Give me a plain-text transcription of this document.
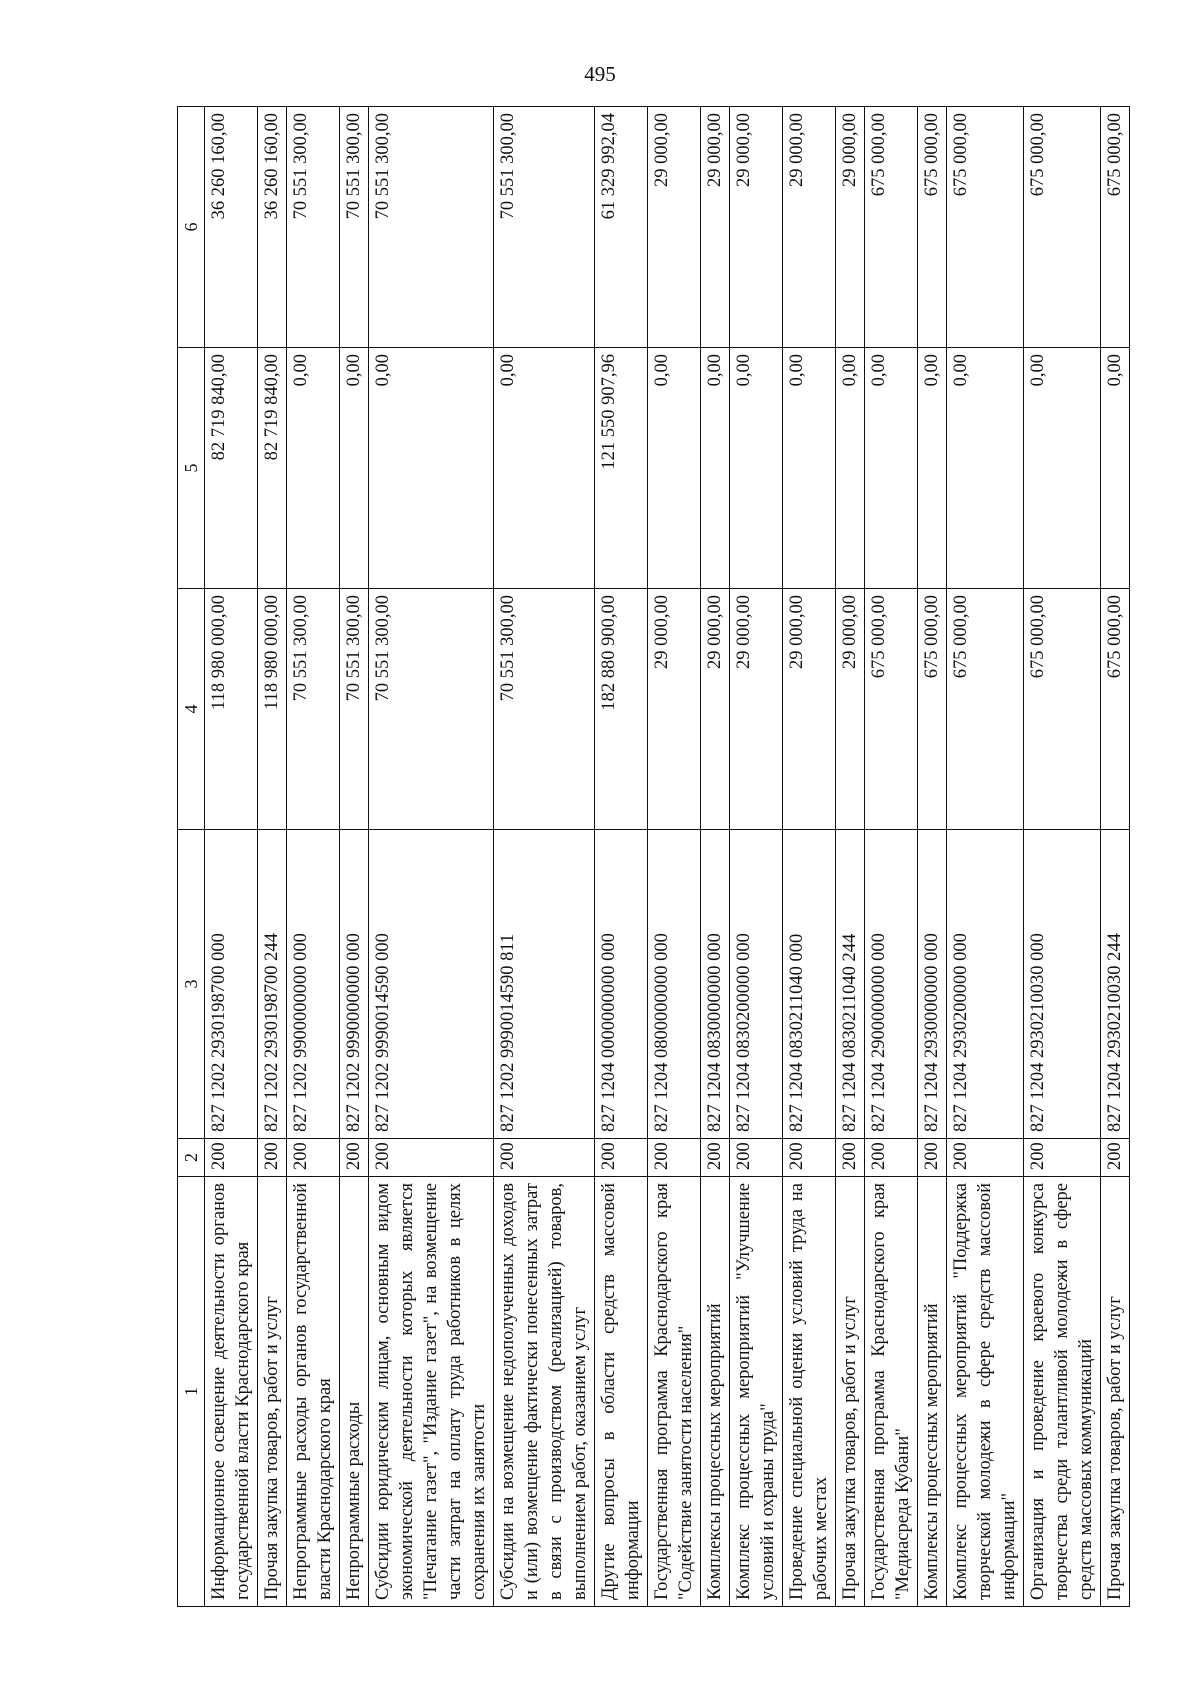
495
1	2	3	4	5	6
Информационное освещение деятельности органов государственной власти Краснодарского края	200	827 1202 2930198700 000	118 980 000,00	82 719 840,00	36 260 160,00
Прочая закупка товаров, работ и услуг	200	827 1202 2930198700 244	118 980 000,00	82 719 840,00	36 260 160,00
Непрограммные расходы органов государственной власти Краснодарского края	200	827 1202 9900000000 000	70 551 300,00	0,00	70 551 300,00
Непрограммные расходы	200	827 1202 9990000000 000	70 551 300,00	0,00	70 551 300,00
Субсидии юридическим лицам, основным видом экономической деятельности которых является "Печатание газет", "Издание газет", на возмещение части затрат на оплату труда работников в целях сохранения их занятости	200	827 1202 9990014590 000	70 551 300,00	0,00	70 551 300,00
Субсидии на возмещение недополученных доходов и (или) возмещение фактически понесенных затрат в связи с производством (реализацией) товаров, выполнением работ, оказанием услуг	200	827 1202 9990014590 811	70 551 300,00	0,00	70 551 300,00
Другие вопросы в области средств массовой информации	200	827 1204 0000000000 000	182 880 900,00	121 550 907,96	61 329 992,04
Государственная программа Краснодарского края "Содействие занятости населения"	200	827 1204 0800000000 000	29 000,00	0,00	29 000,00
Комплексы процессных мероприятий	200	827 1204 0830000000 000	29 000,00	0,00	29 000,00
Комплекс процессных мероприятий "Улучшение условий и охраны труда"	200	827 1204 0830200000 000	29 000,00	0,00	29 000,00
Проведение специальной оценки условий труда на рабочих местах	200	827 1204 0830211040 000	29 000,00	0,00	29 000,00
Прочая закупка товаров, работ и услуг	200	827 1204 0830211040 244	29 000,00	0,00	29 000,00
Государственная программа Краснодарского края "Медиасреда Кубани"	200	827 1204 2900000000 000	675 000,00	0,00	675 000,00
Комплексы процессных мероприятий	200	827 1204 2930000000 000	675 000,00	0,00	675 000,00
Комплекс процессных мероприятий "Поддержка творческой молодежи в сфере средств массовой информации"	200	827 1204 2930200000 000	675 000,00	0,00	675 000,00
Организация и проведение краевого конкурса творчества среди талантливой молодежи в сфере средств массовых коммуникаций	200	827 1204 2930210030 000	675 000,00	0,00	675 000,00
Прочая закупка товаров, работ и услуг	200	827 1204 2930210030 244	675 000,00	0,00	675 000,00
